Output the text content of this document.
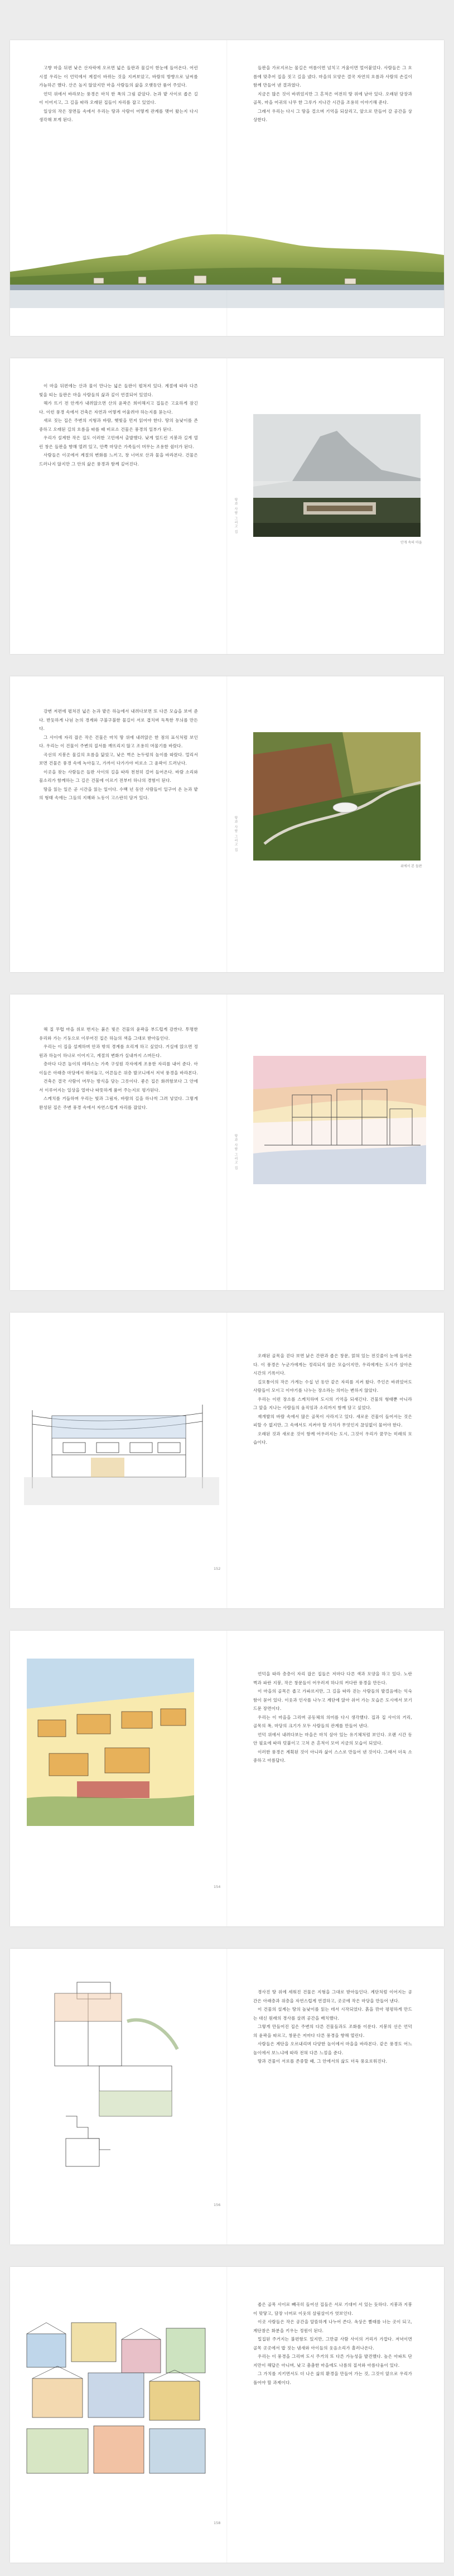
고향 마을 뒤편 낮은 산자락에 오르면 넓은 들판과 물길이 한눈에 들어온다. 어린 시절 우리는 이 언덕에서 계절이 바뀌는 것을 지켜보았고, 바람의 방향으로 날씨를 가늠하곤 했다. 산은 높지 않았지만 마을 사람들의 삶을 오랫동안 품어 주었다.

언덕 위에서 바라보는 풍경은 마치 한 폭의 그림 같았다. 논과 밭 사이로 좁은 길이 이어지고, 그 길을 따라 오래된 집들이 자리를 잡고 있었다.

일상의 작은 장면들 속에서 우리는 땅과 사람이 어떻게 관계를 맺어 왔는지 다시 생각해 보게 된다.

들판을 가로지르는 물길은 여름이면 넘치고 겨울이면 얼어붙었다. 사람들은 그 흐름에 맞추어 집을 짓고 길을 냈다. 마을의 모양은 결국 자연의 흐름과 사람의 손길이 함께 만들어 낸 결과였다.

지금은 많은 것이 바뀌었지만 그 흔적은 여전히 땅 위에 남아 있다. 오래된 담장과 골목, 마을 어귀의 나무 한 그루가 지나간 시간을 조용히 이야기해 준다.

그래서 우리는 다시 그 땅을 걸으며 기억을 되살리고, 앞으로 만들어 갈 공간을 상상한다.

이 마을 뒤편에는 산과 물이 만나는 넓은 들판이 펼쳐져 있다. 계절에 따라 다른 빛을 띠는 들판은 마을 사람들의 삶과 깊이 연결되어 있었다.

해가 뜨기 전 안개가 내려앉으면 산의 윤곽은 희미해지고 집들은 고요하게 잠긴다. 이런 풍경 속에서 건축은 자연과 어떻게 어울려야 하는지를 묻는다.

새로 짓는 집은 주변의 지형과 바람, 햇빛을 먼저 읽어야 한다. 땅의 높낮이를 존중하고 오래된 길의 흐름을 따를 때 비로소 건물은 풍경의 일부가 된다.

우리가 설계한 작은 집도 이러한 고민에서 출발했다. 낮게 엎드린 지붕과 길게 열린 창은 들판을 향해 열려 있고, 안쪽 마당은 가족들이 머무는 조용한 쉼터가 된다.

사람들은 이곳에서 계절의 변화를 느끼고, 창 너머로 산과 물을 바라본다. 건물은 드러나지 않지만 그 안의 삶은 풍경과 함께 깊어진다.

땅과 사람 그리고 집
안개 속의 마을

강변 저편에 펼쳐진 넓은 논과 밭은 하늘에서 내려다보면 또 다른 모습을 보여 준다. 반듯하게 나뉜 논의 경계와 구불구불한 물길이 서로 겹치며 독특한 무늬를 만든다.

그 사이에 자리 잡은 작은 건물은 마치 땅 위에 내려앉은 한 점의 표식처럼 보인다. 우리는 이 건물이 주변의 질서를 깨뜨리지 않고 조용히 머물기를 바랐다.

곡선의 지붕은 물길의 흐름을 닮았고, 낮은 벽은 논두렁의 높이를 따랐다. 멀리서 보면 건물은 풍경 속에 녹아들고, 가까이 다가가야 비로소 그 윤곽이 드러난다.

이곳을 찾는 사람들은 들판 사이의 길을 따라 천천히 걸어 들어온다. 바람 소리와 물소리가 함께하는 그 길은 건물에 이르기 전부터 하나의 경험이 된다.

땅을 읽는 일은 곧 시간을 읽는 일이다. 수백 년 동안 사람들이 일구어 온 논과 밭의 형태 속에는 그들의 지혜와 노동이 고스란히 담겨 있다.

땅과 사람 그리고 집
위에서 본 들판

해 질 무렵 마을 위로 번지는 붉은 빛은 건물의 윤곽을 부드럽게 감싼다. 투명한 유리와 가는 기둥으로 이루어진 집은 하늘의 색을 그대로 받아들인다.

우리는 이 집을 설계하며 안과 밖의 경계를 흐리게 하고 싶었다. 거실에 앉으면 정원과 하늘이 하나로 이어지고, 계절의 변화가 실내까지 스며든다.

층마다 다른 높이의 테라스는 가족 구성원 각자에게 조용한 자리를 내어 준다. 아이들은 아래층 마당에서 뛰어놀고, 어른들은 위층 발코니에서 저녁 풍경을 바라본다.

건축은 결국 사람이 머무는 방식을 담는 그릇이다. 좋은 집은 화려함보다 그 안에서 이루어지는 일상을 얼마나 따뜻하게 품어 주는지로 평가된다.

스케치를 거듭하며 우리는 빛과 그림자, 바람의 길을 하나씩 그려 넣었다. 그렇게 완성된 집은 주변 풍경 속에서 자연스럽게 자리를 잡았다.

땅과 사람 그리고 집
152

오래된 골목을 걷다 보면 낡은 간판과 좁은 창문, 얽혀 있는 전깃줄이 눈에 들어온다. 이 풍경은 누군가에게는 정리되지 않은 모습이지만, 우리에게는 도시가 살아온 시간의 기록이다.

길모퉁이의 작은 가게는 수십 년 동안 같은 자리를 지켜 왔다. 주인은 바뀌었어도 사람들이 모이고 이야기를 나누는 장소라는 의미는 변하지 않았다.

우리는 이런 장소를 스케치하며 도시의 기억을 되새긴다. 건물의 형태뿐 아니라 그 앞을 지나는 사람들의 움직임과 소리까지 함께 담고 싶었다.

재개발의 바람 속에서 많은 골목이 사라지고 있다. 새로운 건물이 들어서는 것은 피할 수 없지만, 그 속에서도 지켜야 할 가치가 무엇인지 끊임없이 물어야 한다.

오래된 것과 새로운 것이 함께 어우러지는 도시, 그것이 우리가 꿈꾸는 미래의 모습이다.

154

언덕을 따라 층층이 자리 잡은 집들은 저마다 다른 색과 모양을 하고 있다. 노란 벽과 파란 지붕, 작은 창문들이 어우러져 하나의 커다란 풍경을 만든다.

이 마을의 골목은 좁고 가파르지만, 그 길을 따라 걷는 사람들의 발걸음에는 익숙함이 묻어 있다. 이웃과 인사를 나누고 계단에 앉아 쉬어 가는 모습은 도시에서 보기 드문 장면이다.

우리는 이 마을을 그리며 공동체의 의미를 다시 생각했다. 집과 집 사이의 거리, 골목의 폭, 마당의 크기가 모두 사람들의 관계를 만들어 낸다.

언덕 위에서 내려다보는 마을은 마치 살아 있는 유기체처럼 보인다. 오랜 시간 동안 필요에 따라 덧붙이고 고쳐 온 흔적이 모여 지금의 모습이 되었다.

이러한 풍경은 계획된 것이 아니라 삶이 스스로 만들어 낸 것이다. 그래서 더욱 소중하고 아름답다.

156

경사진 땅 위에 세워진 건물은 지형을 그대로 받아들인다. 계단처럼 이어지는 공간은 아래층과 위층을 자연스럽게 연결하고, 곳곳에 작은 마당을 만들어 낸다.

이 건물의 설계는 땅의 높낮이를 읽는 데서 시작되었다. 흙을 깎아 평평하게 만드는 대신 원래의 경사를 살려 공간을 배치했다.

그렇게 만들어진 집은 주변의 다른 건물들과도 조화를 이룬다. 지붕의 선은 언덕의 윤곽을 따르고, 창문은 저마다 다른 풍경을 향해 열린다.

사람들은 계단을 오르내리며 다양한 높이에서 마을을 바라본다. 같은 풍경도 어느 높이에서 보느냐에 따라 전혀 다른 느낌을 준다.

땅과 건물이 서로를 존중할 때, 그 안에서의 삶도 더욱 풍요로워진다.

158

좁은 골목 사이로 빼곡히 들어선 집들은 서로 기대어 서 있는 듯하다. 지붕과 지붕이 맞닿고, 담장 너머로 이웃의 살림살이가 엿보인다.

이곳 사람들은 작은 공간을 알뜰하게 나누어 쓴다. 옥상은 빨래를 너는 곳이 되고, 계단참은 화분을 키우는 정원이 된다.

밀집된 주거지는 불편함도 있지만, 그만큼 사람 사이의 거리가 가깝다. 저녁이면 골목 곳곳에서 밥 짓는 냄새와 아이들의 웃음소리가 흘러나온다.

우리는 이 풍경을 그리며 도시 주거의 또 다른 가능성을 발견했다. 높은 아파트 단지만이 해답은 아니며, 낮고 촘촘한 마을에도 나름의 질서와 아름다움이 있다.

그 가치를 지키면서도 더 나은 삶의 환경을 만들어 가는 것, 그것이 앞으로 우리가 풀어야 할 과제이다.
